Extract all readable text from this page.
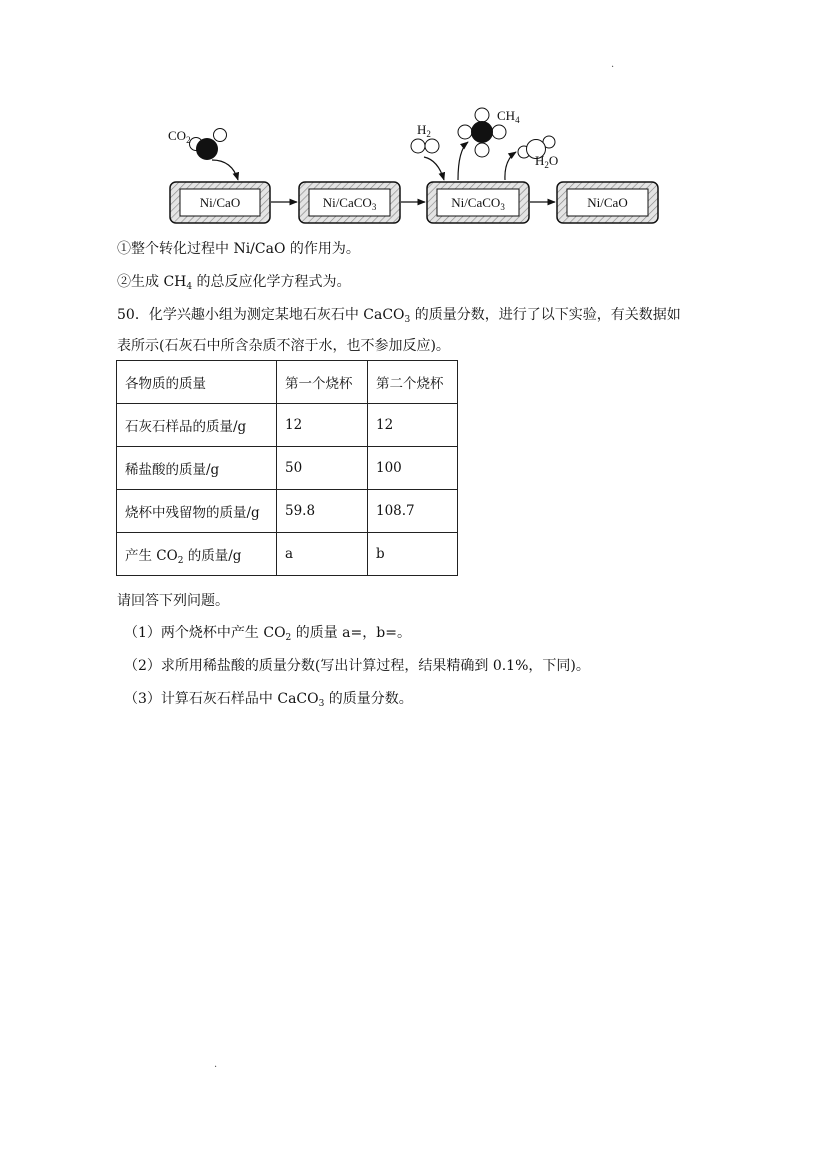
·
·
$CO_2$
$H_2$
$CH_4$
$H_2O$
Ni/CaO	Ni/CaCO$_3$	Ni/CaCO$_3$	Ni/CaO
①整个转化过程中 Ni/CaO 的作用为。
②生成 $CH_4$ 的总反应化学方程式为。
50．化学兴趣小组为测定某地石灰石中 CaCO$_3$ 的质量分数，进行了以下实验，有关数据如
表所示(石灰石中所含杂质不溶于水，也不参加反应)。
各物质的质量	第一个烧杯	第二个烧杯
石灰石样品的质量/g	12	12
稀盐酸的质量/g	50	100
烧杯中残留物的质量/g	59.8	108.7
产生 $CO_2$ 的质量/g	a	b
请回答下列问题。
（1）两个烧杯中产生 $CO_2$ 的质量 a=，b=。
（2）求所用稀盐酸的质量分数(写出计算过程，结果精确到 0.1%，下同)。
（3）计算石灰石样品中 CaCO$_3$ 的质量分数。
